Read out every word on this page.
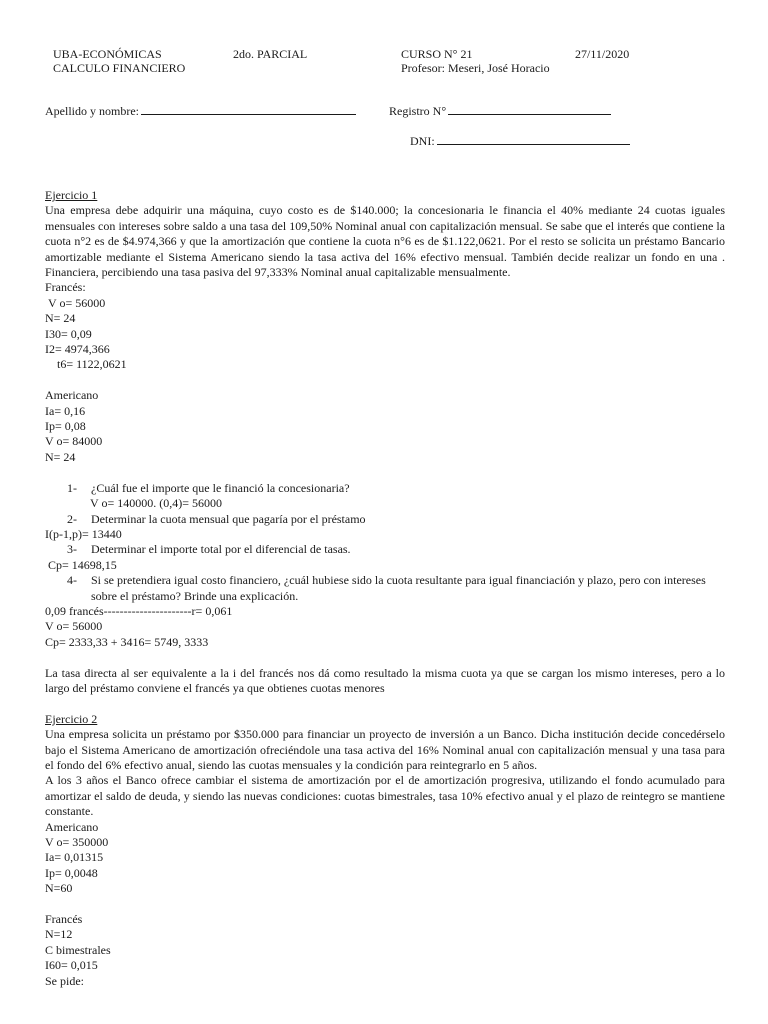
UBA-ECONÓMICAS
CALCULO FINANCIERO
2do. PARCIAL	CURSO N° 21
Profesor: Meseri, José Horacio
27/11/2020
Apellido y nombre:	Registro N°
DNI:
Ejercicio 1
Una empresa debe adquirir una máquina, cuyo costo es de $140.000; la concesionaria le financia el 40% mediante 24 cuotas iguales mensuales con intereses sobre saldo a una tasa del 109,50% Nominal anual con capitalización mensual. Se sabe que el interés que contiene la cuota n°2 es de $4.974,366 y que la amortización que contiene la cuota n°6 es de $1.122,0621. Por el resto se solicita un préstamo Bancario amortizable mediante el Sistema Americano siendo la tasa activa del 16% efectivo mensual. También decide realizar un fondo en una . Financiera, percibiendo una tasa pasiva del 97,333% Nominal anual capitalizable mensualmente.
Francés:
V o= 56000
N= 24
I30= 0,09
I2= 4974,366
t6= 1122,0621
Americano
Ia= 0,16
Ip= 0,08
V o= 84000
N= 24
1-	¿Cuál fue el importe que le financió la concesionaria?
V o= 140000. (0,4)= 56000
2-	Determinar la cuota mensual que pagaría por el préstamo
I(p-1,p)= 13440
3-	Determinar el importe total por el diferencial de tasas.
Cp= 14698,15
4-	Si se pretendiera igual costo financiero, ¿cuál hubiese sido la cuota resultante para igual financiación y plazo, pero con intereses sobre el préstamo? Brinde una explicación.
0,09 francés----------------------r= 0,061
V o= 56000
Cp= 2333,33 + 3416= 5749, 3333
La tasa directa al ser equivalente a la i del francés nos dá como resultado la misma cuota ya que se cargan los mismo intereses, pero a lo largo del préstamo conviene el francés ya que obtienes cuotas menores
Ejercicio 2
Una empresa solicita un préstamo por $350.000 para financiar un proyecto de inversión a un Banco. Dicha institución decide concedérselo bajo el Sistema Americano de amortización ofreciéndole una tasa activa del 16% Nominal anual con capitalización mensual y una tasa para el fondo del 6% efectivo anual, siendo las cuotas mensuales y la condición para reintegrarlo en 5 años.
A los 3 años el Banco ofrece cambiar el sistema de amortización por el de amortización progresiva, utilizando el fondo acumulado para amortizar el saldo de deuda, y siendo las nuevas condiciones: cuotas bimestrales, tasa 10% efectivo anual y el plazo de reintegro se mantiene constante.
Americano
V o= 350000
Ia= 0,01315
Ip= 0,0048
N=60
Francés
N=12
C bimestrales
I60= 0,015
Se pide:
